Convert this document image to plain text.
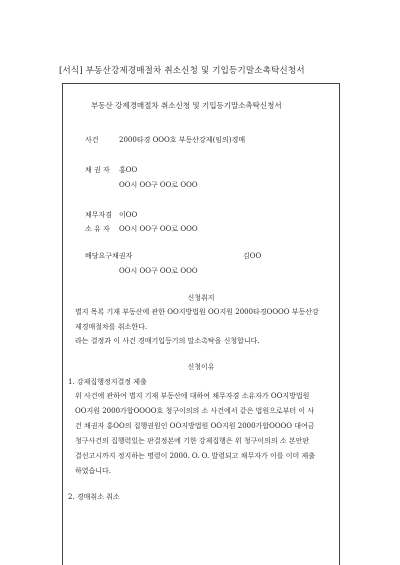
[서식] 부동산강제경매절차 취소신청 및 기입등기말소촉탁신청서
부동산 강제경매절차 취소신청 및 기입등기말소촉탁신청서
사건	2000타경 OOO호 부동산강제(임의)경매
채 권 자 홍OO
OO시 OO구 OO로 OOO
채무자겸 이OO
소 유 자 OO시 OO구 OO로 OOO
배당요구채권자	김OO
OO시 OO구 OO로 OOO
신청취지
별지 목록 기재 부동산에 관한 OO지방법원 OO지원 2000타경OOOO 부동산강
제경매절차를 취소한다.
라는 결정과 이 사건 경매기입등기의 말소촉탁을 신청합니다.
신청이유
1. 강제집행정지결정 제출
위 사건에 관하여 별지 기재 부동산에 대하여 채무자겸 소유자가 OO지방법원
OO지원 2000가합OOOO호 청구이의의 소 사건에서 같은 법원으로부터 이 사
건 채권자 홍OO의 집행권원인 OO지방법원 OO지원 2000가합OOOO 대여금
청구사건의 집행력있는 판결정본에 기한 강제집행은 위 청구이의의 소 본안판
결선고시까지 정지하는 명령이 2000. O. O. 발령되고 채무자가 이를 이미 제출
하였습니다.
2. 경매취소 취소
